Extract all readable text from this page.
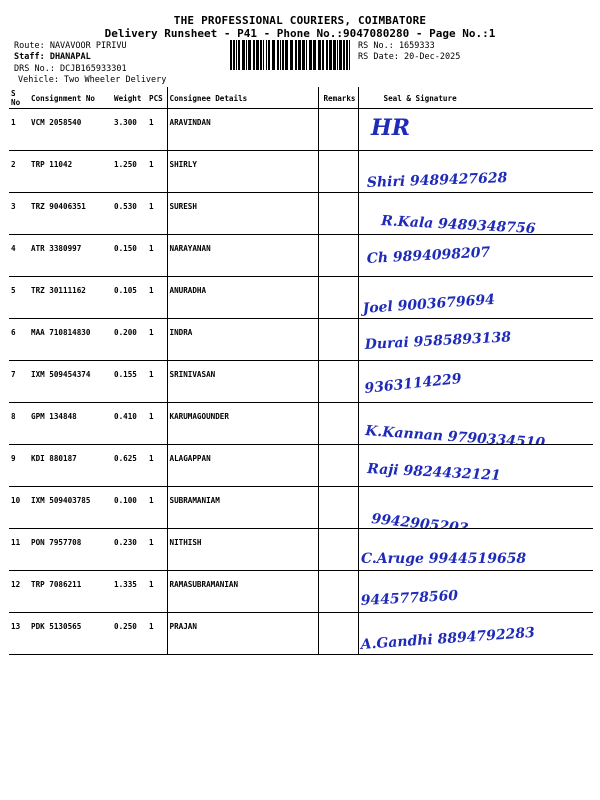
THE PROFESSIONAL COURIERS, COIMBATORE
Delivery Runsheet - P41 - Phone No.:9047080280 - Page No.:1
Route: NAVAVOOR PIRIVU
Staff: DHANAPAL
DRS No.: DCJB165933301
Vehicle: Two Wheeler Delivery
RS No.: 1659333
RS Date: 20-Dec-2025
S No	Consignment No	Weight	PCS	Consignee Details	Remarks	Seal & Signature
1	VCM 2058540	3.300	1	ARAVINDAN		HR

2	TRP 11042	1.250	1	SHIRLY		Shiri 9489427628

3	TRZ 90406351	0.530	1	SURESH		R.Kala 9489348756

4	ATR 3380997	0.150	1	NARAYANAN		Ch 9894098207

5	TRZ 30111162	0.105	1	ANURADHA		Joel 9003679694

6	MAA 710814830	0.200	1	INDRA		Durai 9585893138

7	IXM 509454374	0.155	1	SRINIVASAN		9363114229

8	GPM 134848	0.410	1	KARUMAGOUNDER		K.Kannan 9790334510

9	KDI 880187	0.625	1	ALAGAPPAN		Raji 9824432121

10	IXM 509403785	0.100	1	SUBRAMANIAM		9942905203

11	PON 7957708	0.230	1	NITHISH		C.Aruge 9944519658

12	TRP 7086211	1.335	1	RAMASUBRAMANIAN		9445778560

13	PDK 5130565	0.250	1	PRAJAN		A.Gandhi 8894792283
